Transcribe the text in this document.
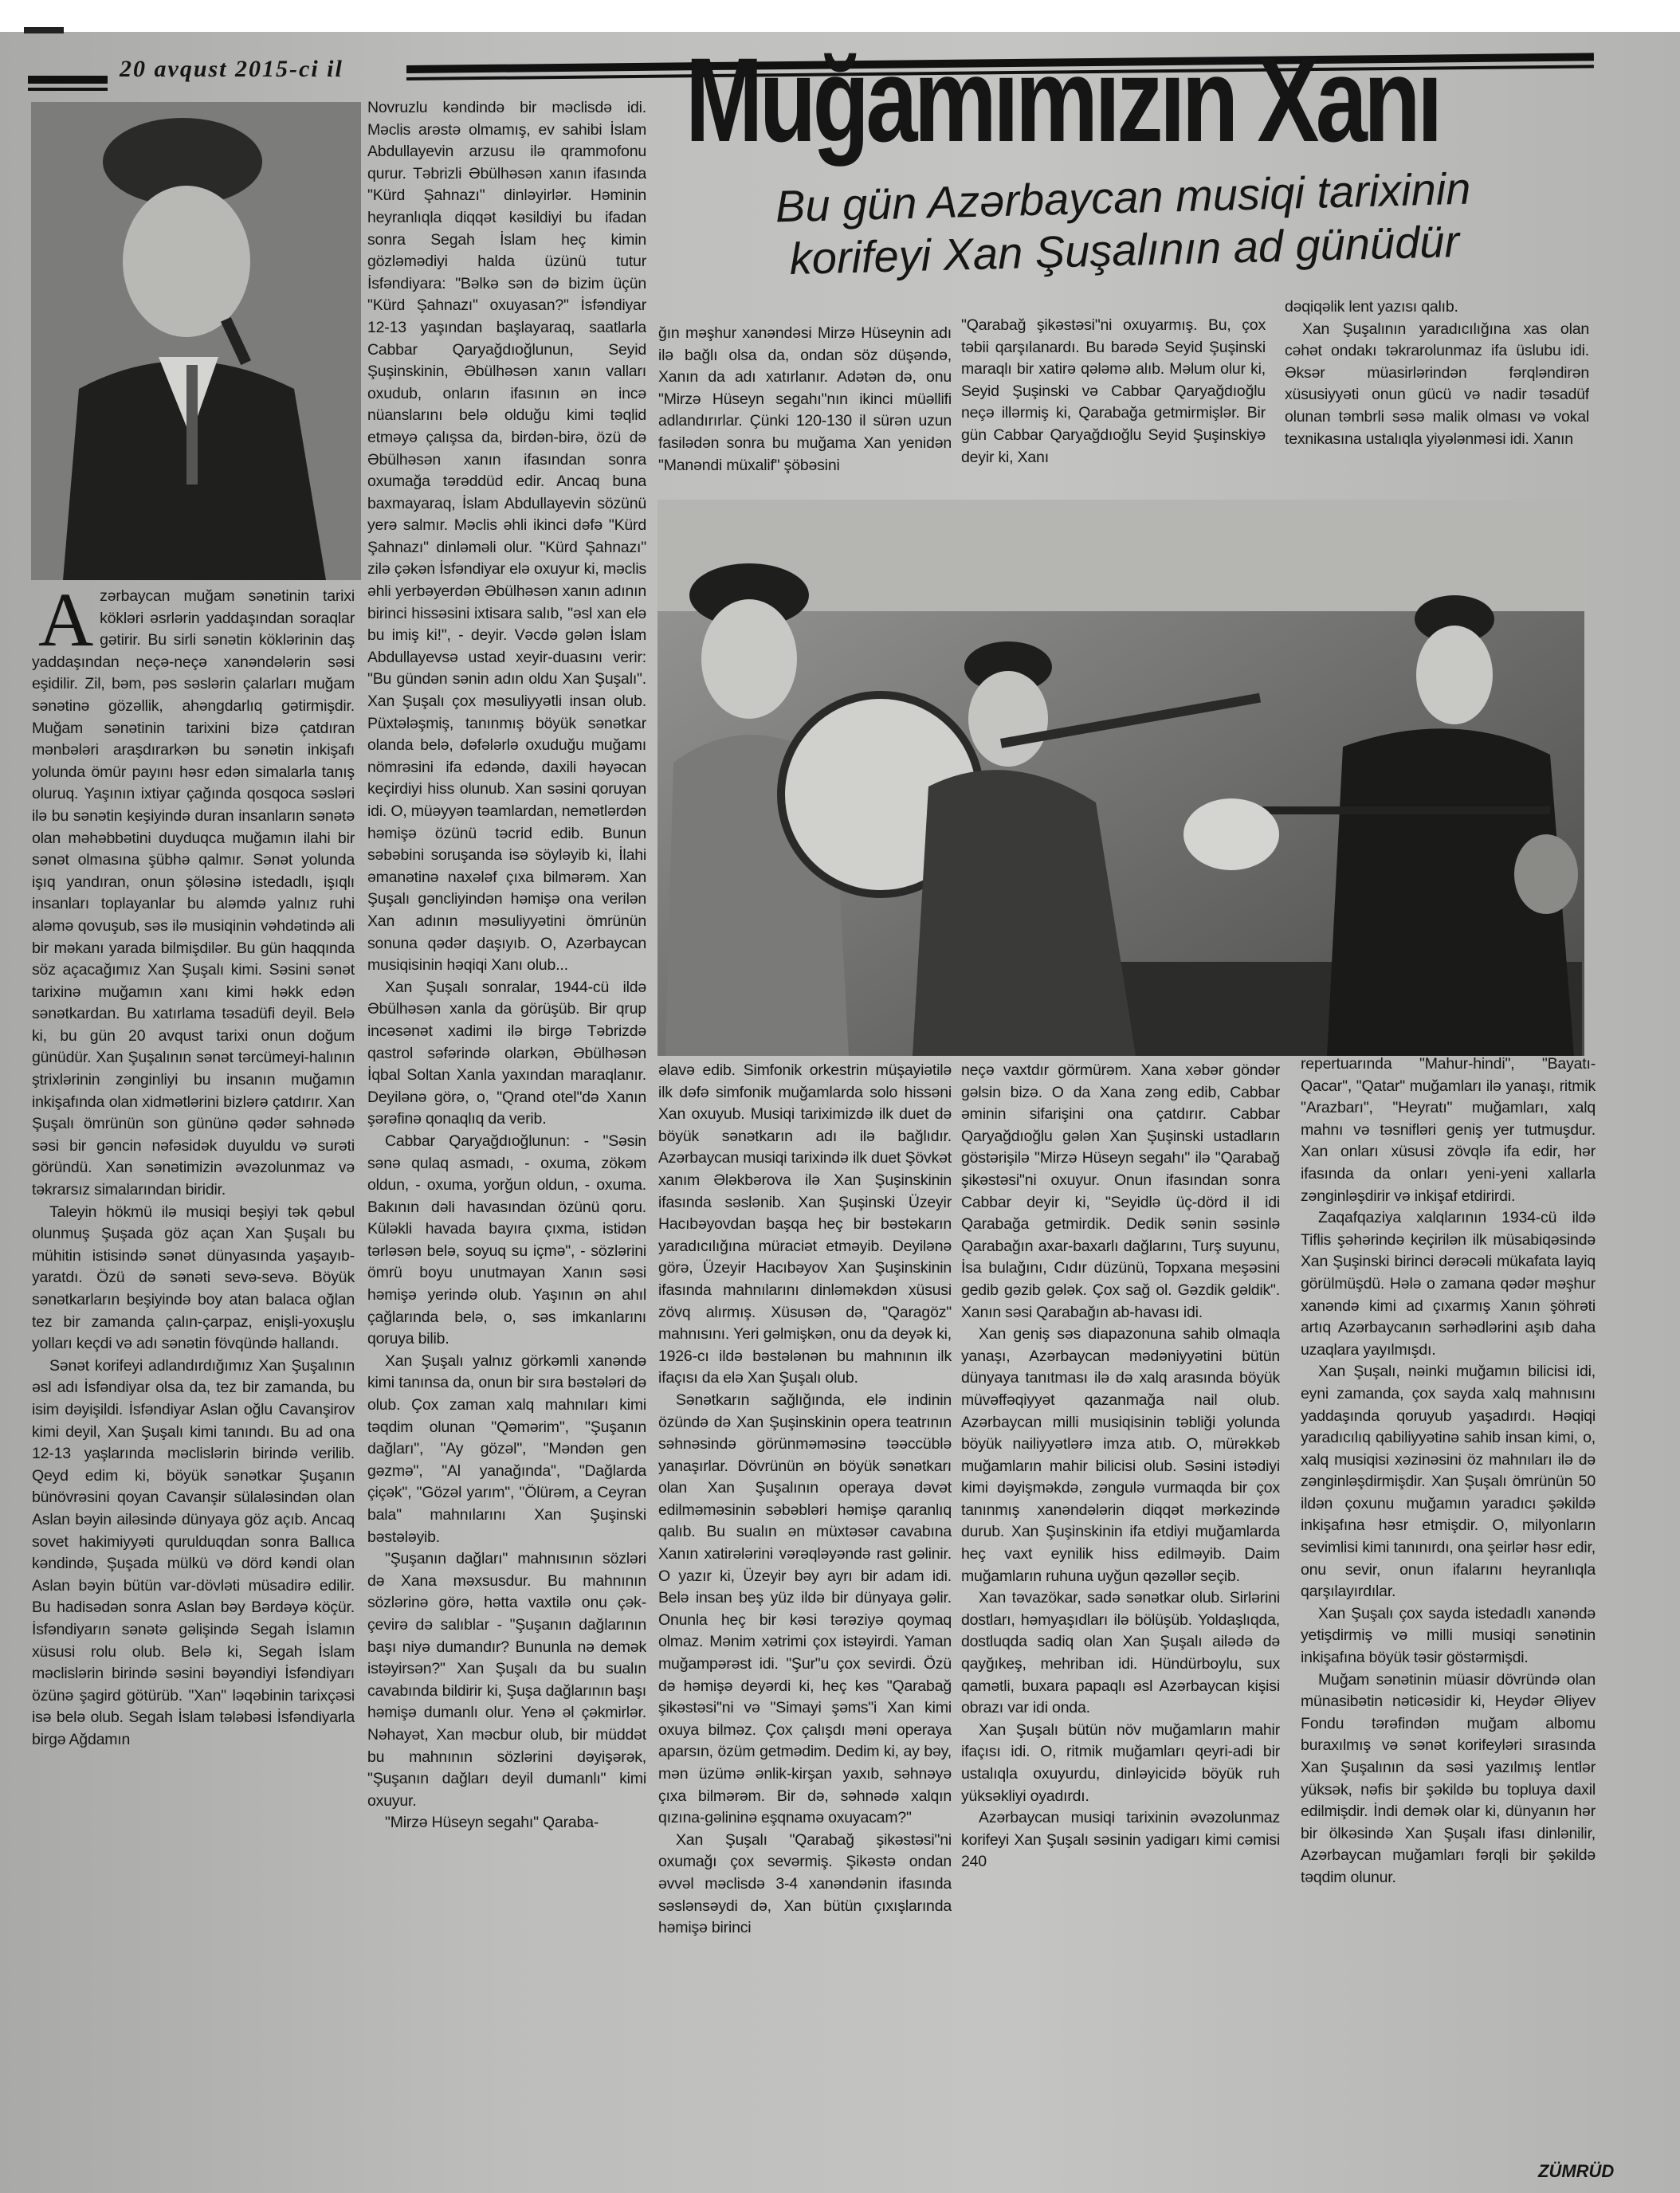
20 avqust 2015-ci il	Muğamımızın Xanı
Bu gün Azərbaycan musiqi tarixinin
korifeyi Xan Şuşalının ad günüdür
A zərbaycan muğam sənətinin tarixi kökləri əsrlərin yaddaşından soraqlar gətirir. Bu sirli sənətin köklərinin daş yaddaşından neçə-neçə xanəndələrin səsi eşidilir. Zil, bəm, pəs səslərin çalarları muğam sənətinə gözəllik, ahəngdarlıq gətirmişdir. Muğam sənətinin tarixini bizə çatdıran mənbələri araşdırarkən bu sənətin inkişafı yolunda ömür payını həsr edən simalarla tanış oluruq. Yaşının ixtiyar çağında qosqoca səsləri ilə bu sənətin keşiyində duran insanların sənətə olan məhəbbətini duyduqca muğamın ilahi bir sənət olmasına şübhə qalmır. Sənət yolunda işıq yandıran, onun şöləsinə istedadlı, işıqlı insanları toplayanlar bu aləmdə yalnız ruhi aləmə qovuşub, səs ilə musiqinin vəhdətində ali bir məkanı yarada bilmişdilər. Bu gün haqqında söz açacağımız Xan Şuşalı kimi. Səsini sənət tarixinə muğamın xanı kimi həkk edən sənətkardan. Bu xatırlama təsadüfi deyil. Belə ki, bu gün 20 avqust tarixi onun doğum günüdür. Xan Şuşalının sənət tərcümeyi-halının ştrixlərinin zənginliyi bu insanın muğamın inkişafında olan xidmətlərini bizlərə çatdırır. Xan Şuşalı ömrünün son gününə qədər səhnədə səsi bir gəncin nəfəsidək duyuldu və surəti göründü. Xan sənətimizin əvəzolunmaz və təkrarsız simalarından biridir.

Taleyin hökmü ilə musiqi beşiyi tək qəbul olunmuş Şuşada göz açan Xan Şuşalı bu mühitin istisində sənət dünyasında yaşayıb-yaratdı. Özü də sənəti sevə-sevə. Böyük sənətkarların beşiyində boy atan balaca oğlan tez bir zamanda çalın-çarpaz, enişli-yoxuşlu yolları keçdi və adı sənətin fövqündə hallandı.

Sənət korifeyi adlandırdığımız Xan Şuşalının əsl adı İsfəndiyar olsa da, tez bir zamanda, bu isim dəyişildi. İsfəndiyar Aslan oğlu Cavanşirov kimi deyil, Xan Şuşalı kimi tanındı. Bu ad ona 12-13 yaşlarında məclislərin birində verilib. Qeyd edim ki, böyük sənətkar Şuşanın bünövrəsini qoyan Cavanşir sülaləsindən olan Aslan bəyin ailəsində dünyaya göz açıb. Ancaq sovet hakimiyyəti qurulduqdan sonra Ballıca kəndində, Şuşada mülkü və dörd kəndi olan Aslan bəyin bütün var-dövləti müsadirə edilir. Bu hadisədən sonra Aslan bəy Bərdəyə köçür. İsfəndiyarın sənətə gəlişində Segah İslamın xüsusi rolu olub. Belə ki, Segah İslam məclislərin birində səsini bəyəndiyi İsfəndiyarı özünə şagird götürüb. "Xan" ləqəbinin tarixçəsi isə belə olub. Segah İslam tələbəsi İsfəndiyarla birgə Ağdamın

Novruzlu kəndində bir məclisdə idi. Məclis arəstə olmamış, ev sahibi İslam Abdullayevin arzusu ilə qrammofonu qurur. Təbrizli Əbülhəsən xanın ifasında "Kürd Şahnazı" dinləyirlər. Həminin heyranlıqla diqqət kəsildiyi bu ifadan sonra Segah İslam heç kimin gözləmədiyi halda üzünü tutur İsfəndiyara: "Bəlkə sən də bizim üçün "Kürd Şahnazı" oxuyasan?" İsfəndiyar 12-13 yaşından başlayaraq, saatlarla Cabbar Qaryağdıoğlunun, Seyid Şuşinskinin, Əbülhəsən xanın valları oxudub, onların ifasının ən incə nüanslarını belə olduğu kimi təqlid etməyə çalışsa da, birdən-birə, özü də Əbülhəsən xanın ifasından sonra oxumağa tərəddüd edir. Ancaq buna baxmayaraq, İslam Abdullayevin sözünü yerə salmır. Məclis əhli ikinci dəfə "Kürd Şahnazı" dinləməli olur. "Kürd Şahnazı" zilə çəkən İsfəndiyar elə oxuyur ki, məclis əhli yerbəyerdən Əbülhəsən xanın adının birinci hissəsini ixtisara salıb, "əsl xan elə bu imiş ki!", - deyir. Vəcdə gələn İslam Abdullayevsə ustad xeyir-duasını verir: "Bu gündən sənin adın oldu Xan Şuşalı". Xan Şuşalı çox məsuliyyətli insan olub. Püxtələşmiş, tanınmış böyük sənətkar olanda belə, dəfələrlə oxuduğu muğamı nömrəsini ifa edəndə, daxili həyəcan keçirdiyi hiss olunub. Xan səsini qoruyan idi. O, müəyyən təamlardan, nemətlərdən həmişə özünü təcrid edib. Bunun səbəbini soruşanda isə söyləyib ki, İlahi əmanətinə naxələf çıxa bilmərəm. Xan Şuşalı gəncliyindən həmişə ona verilən Xan adının məsuliyyətini ömrünün sonuna qədər daşıyıb. O, Azərbaycan musiqisinin həqiqi Xanı olub...

Xan Şuşalı sonralar, 1944-cü ildə Əbülhəsən xanla da görüşüb. Bir qrup incəsənət xadimi ilə birgə Təbrizdə qastrol səfərində olarkən, Əbülhəsən İqbal Soltan Xanla yaxından maraqlanır. Deyilənə görə, o, "Qrand otel"də Xanın şərəfinə qonaqlıq da verib.

Cabbar Qaryağdıoğlunun: - "Səsin sənə qulaq asmadı, - oxuma, zökəm oldun, - oxuma, yorğun oldun, - oxuma. Bakının dəli havasından özünü qoru. Küləkli havada bayıra çıxma, istidən tərləsən belə, soyuq su içmə", - sözlərini ömrü boyu unutmayan Xanın səsi həmişə yerində olub. Yaşının ən ahıl çağlarında belə, o, səs imkanlarını qoruya bilib.

Xan Şuşalı yalnız görkəmli xanəndə kimi tanınsa da, onun bir sıra bəstələri də olub. Çox zaman xalq mahnıları kimi təqdim olunan "Qəmərim", "Şuşanın dağları", "Ay gözəl", "Məndən gen gəzmə", "Al yanağında", "Dağlarda çiçək", "Gözəl yarım", "Ölürəm, a Ceyran bala" mahnılarını Xan Şuşinski bəstələyib.

"Şuşanın dağları" mahnısının sözləri də Xana məxsusdur. Bu mahnının sözlərinə görə, hətta vaxtilə onu çək-çevirə də salıblar - "Şuşanın dağlarının başı niyə dumandır? Bununla nə demək istəyirsən?" Xan Şuşalı da bu sualın cavabında bildirir ki, Şuşa dağlarının başı həmişə dumanlı olur. Yenə əl çəkmirlər. Nəhayət, Xan məcbur olub, bir müddət bu mahnının sözlərini dəyişərək, "Şuşanın dağları deyil dumanlı" kimi oxuyur.

"Mirzə Hüseyn segahı" Qaraba-

ğın məşhur xanəndəsi Mirzə Hüseynin adı ilə bağlı olsa da, ondan söz düşəndə, Xanın da adı xatırlanır. Adətən də, onu "Mirzə Hüseyn segahı"nın ikinci müəllifi adlandırırlar. Çünki 120-130 il sürən uzun fasilədən sonra bu muğama Xan yenidən "Manəndi müxalif" şöbəsini

"Qarabağ şikəstəsi"ni oxuyarmış. Bu, çox təbii qarşılanardı. Bu barədə Seyid Şuşinski maraqlı bir xatirə qələmə alıb. Məlum olur ki, Seyid Şuşinski və Cabbar Qaryağdıoğlu neçə illərmiş ki, Qarabağa getmirmişlər. Bir gün Cabbar Qaryağdıoğlu Seyid Şuşinskiyə deyir ki, Xanı

dəqiqəlik lent yazısı qalıb.

Xan Şuşalının yaradıcılığına xas olan cəhət ondakı təkrarolunmaz ifa üslubu idi. Əksər müasirlərindən fərqləndirən xüsusiyyəti onun gücü və nadir təsadüf olunan təmbrli səsə malik olması və vokal texnikasına ustalıqla yiyələnməsi idi. Xanın

əlavə edib. Simfonik orkestrin müşayiətilə ilk dəfə simfonik muğamlarda solo hissəni Xan oxuyub. Musiqi tariximizdə ilk duet də böyük sənətkarın adı ilə bağlıdır. Azərbaycan musiqi tarixində ilk duet Şövkət xanım Ələkbərova ilə Xan Şuşinskinin ifasında səslənib. Xan Şuşinski Üzeyir Hacıbəyovdan başqa heç bir bəstəkarın yaradıcılığına müraciət etməyib. Deyilənə görə, Üzeyir Hacıbəyov Xan Şuşinskinin ifasında mahnılarını dinləməkdən xüsusi zövq alırmış. Xüsusən də, "Qaragöz" mahnısını. Yeri gəlmişkən, onu da deyək ki, 1926-cı ildə bəstələnən bu mahnının ilk ifaçısı da elə Xan Şuşalı olub.

Sənətkarın sağlığında, elə indinin özündə də Xan Şuşinskinin opera teatrının səhnəsində görünməməsinə təəccüblə yanaşırlar. Dövrünün ən böyük sənətkarı olan Xan Şuşalının operaya dəvət edilməməsinin səbəbləri həmişə qaranlıq qalıb. Bu sualın ən müxtəsər cavabına Xanın xatirələrini vərəqləyəndə rast gəlinir. O yazır ki, Üzeyir bəy ayrı bir adam idi. Belə insan beş yüz ildə bir dünyaya gəlir. Onunla heç bir kəsi tərəziyə qoymaq olmaz. Mənim xətrimi çox istəyirdi. Yaman muğampərəst idi. "Şur"u çox sevirdi. Özü də həmişə deyərdi ki, heç kəs "Qarabağ şikəstəsi"ni və "Simayi şəms"i Xan kimi oxuya bilməz. Çox çalışdı məni operaya aparsın, özüm getmədim. Dedim ki, ay bəy, mən üzümə ənlik-kirşan yaxıb, səhnəyə çıxa bilmərəm. Bir də, səhnədə xalqın qızına-gəlininə eşqnamə oxuyacam?"

Xan Şuşalı "Qarabağ şikəstəsi"ni oxumağı çox sevərmiş. Şikəstə ondan əvvəl məclisdə 3-4 xanəndənin ifasında səslənsəydi də, Xan bütün çıxışlarında həmişə birinci

neçə vaxtdır görmürəm. Xana xəbər göndər gəlsin bizə. O da Xana zəng edib, Cabbar əminin sifarişini ona çatdırır. Cabbar Qaryağdıoğlu gələn Xan Şuşinski ustadların göstərişilə "Mirzə Hüseyn segahı" ilə "Qarabağ şikəstəsi"ni oxuyur. Onun ifasından sonra Cabbar deyir ki, "Seyidlə üç-dörd il idi Qarabağa getmirdik. Dedik sənin səsinlə Qarabağın axar-baxarlı dağlarını, Turş suyunu, İsa bulağını, Cıdır düzünü, Topxana meşəsini gedib gəzib gələk. Çox sağ ol. Gəzdik gəldik". Xanın səsi Qarabağın ab-havası idi.

Xan geniş səs diapazonuna sahib olmaqla yanaşı, Azərbaycan mədəniyyətini bütün dünyaya tanıtması ilə də xalq arasında böyük müvəffəqiyyət qazanmağa nail olub. Azərbaycan milli musiqisinin təbliği yolunda böyük nailiyyətlərə imza atıb. O, mürəkkəb muğamların mahir bilicisi olub. Səsini istədiyi kimi dəyişməkdə, zəngulə vurmaqda bir çox tanınmış xanəndələrin diqqət mərkəzində durub. Xan Şuşinskinin ifa etdiyi muğamlarda heç vaxt eynilik hiss edilməyib. Daim muğamların ruhuna uyğun qəzəllər seçib.

Xan təvazökar, sadə sənətkar olub. Sirlərini dostları, həmyaşıdları ilə bölüşüb. Yoldaşlıqda, dostluqda sadiq olan Xan Şuşalı ailədə də qayğıkeş, mehriban idi. Hündürboylu, sux qamətli, buxara papaqlı əsl Azərbaycan kişisi obrazı var idi onda.

Xan Şuşalı bütün növ muğamların mahir ifaçısı idi. O, ritmik muğamları qeyri-adi bir ustalıqla oxuyurdu, dinləyicidə böyük ruh yüksəkliyi oyadırdı.

Azərbaycan musiqi tarixinin əvəzolunmaz korifeyi Xan Şuşalı səsinin yadigarı kimi cəmisi 240

repertuarında "Mahur-hindi", "Bayatı-Qacar", "Qatar" muğamları ilə yanaşı, ritmik "Arazbarı", "Heyratı" muğamları, xalq mahnı və təsnifləri geniş yer tutmuşdur. Xan onları xüsusi zövqlə ifa edir, hər ifasında da onları yeni-yeni xallarla zənginləşdirir və inkişaf etdirirdi.

Zaqafqaziya xalqlarının 1934-cü ildə Tiflis şəhərində keçirilən ilk müsabiqəsində Xan Şuşinski birinci dərəcəli mükafata layiq görülmüşdü. Hələ o zamana qədər məşhur xanəndə kimi ad çıxarmış Xanın şöhrəti artıq Azərbaycanın sərhədlərini aşıb daha uzaqlara yayılmışdı.

Xan Şuşalı, nəinki muğamın bilicisi idi, eyni zamanda, çox sayda xalq mahnısını yaddaşında qoruyub yaşadırdı. Həqiqi yaradıcılıq qabiliyyətinə sahib insan kimi, o, xalq musiqisi xəzinəsini öz mahnıları ilə də zənginləşdirmişdir. Xan Şuşalı ömrünün 50 ildən çoxunu muğamın yaradıcı şəkildə inkişafına həsr etmişdir. O, milyonların sevimlisi kimi tanınırdı, ona şeirlər həsr edir, onu sevir, onun ifalarını heyranlıqla qarşılayırdılar.

Xan Şuşalı çox sayda istedadlı xanəndə yetişdirmiş və milli musiqi sənətinin inkişafına böyük təsir göstərmişdi.

Muğam sənətinin müasir dövründə olan münasibətin nəticəsidir ki, Heydər Əliyev Fondu tərəfindən muğam albomu buraxılmış və sənət korifeyləri sırasında Xan Şuşalının da səsi yazılmış lentlər yüksək, nəfis bir şəkildə bu topluya daxil edilmişdir. İndi demək olar ki, dünyanın hər bir ölkəsində Xan Şuşalı ifası dinlənilir, Azərbaycan muğamları fərqli bir şəkildə təqdim olunur.

ZÜMRÜD
